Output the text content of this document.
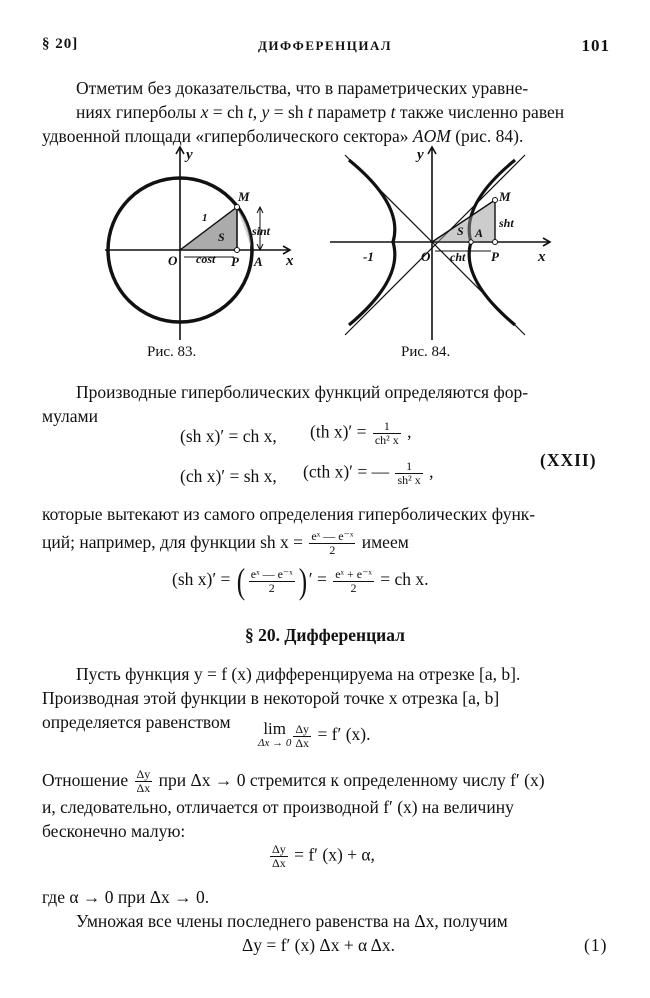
§ 20]	ДИФФЕРЕНЦИАЛ	101
Отметим без доказательства, что в параметрических уравне-
ниях гиперболы x = ch t, y = sh t параметр t также численно равен
удвоенной площади «гиперболического сектора» AOM (рис. 84).
y
x
O	P A
M
S
1
sint
cost
Рис. 83.
y
x
O	P
A
M
S
-1
sht
cht
Рис. 84.
Производные гиперболических функций определяются фор-
мулами
(sh x)′ = ch x, (th $x)' = \frac{1}{\text{ch² x}}$ ,
(ch x)′ = sh x, (cth x)′ = — $\frac{1}{\text{sh² x}}$ ,
(XXII)
которые вытекают из самого определения гиперболических функ-
ций; например, для функции sh $x = \frac{\text{eˣ — e⁻ˣ}}{2}$ имеем
(sh x)′ = ( $\frac{\text{eˣ — e⁻ˣ}}{2}$ ) ′ = $\frac{\text{eˣ + e⁻ˣ}}{2}$ = ch x.
§ 20. Дифференциал
Пусть функция y = f (x) дифференцируема на отрезке [a, b].
Производная этой функции в некоторой точке x отрезка [a, b]
определяется равенством	lim
$\Delta x \to 0 \frac{\Delta y}{\Delta x} = f'$ (x).
Отношение $\frac{\Delta y}{\Delta x}$ при Δx → 0 стремится к определенному числу f′ (x)
и, следовательно, отличается от производной f′ (x) на величину
бесконечно малую:
$\frac{\Delta y}{\Delta x} = f'$ (x) + α,
где α → 0 при Δx → 0.
Умножая все члены последнего равенства на Δx, получим
Δy = f′ (x) Δx + α Δx.	(1)
